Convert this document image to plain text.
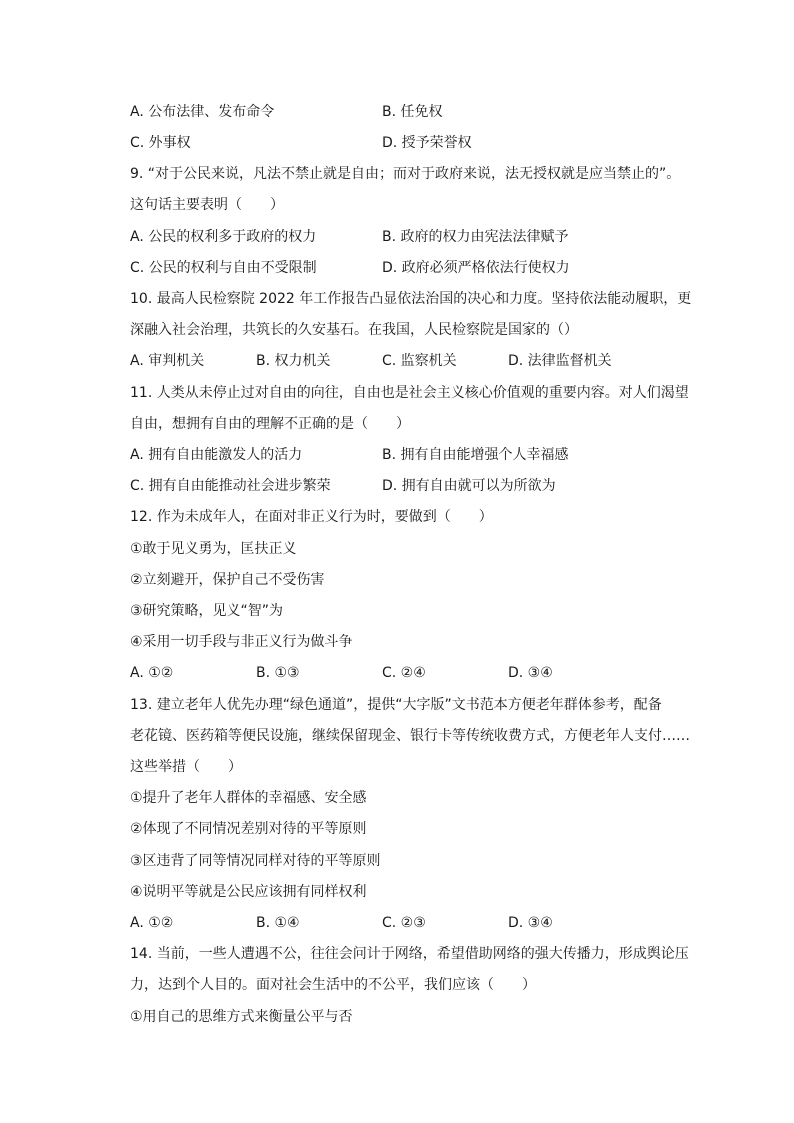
A. 公布法律、发布命令	B. 任免权
C. 外事权	D. 授予荣誉权
9. “对于公民来说，凡法不禁止就是自由；而对于政府来说，法无授权就是应当禁止的”。
这句话主要表明（　　）
A. 公民的权利多于政府的权力	B. 政府的权力由宪法法律赋予
C. 公民的权利与自由不受限制	D. 政府必须严格依法行使权力
10. 最高人民检察院 2022 年工作报告凸显依法治国的决心和力度。坚持依法能动履职，更
深融入社会治理，共筑长的久安基石。在我国，人民检察院是国家的（）
A. 审判机关	B. 权力机关	C. 监察机关	D. 法律监督机关
11. 人类从未停止过对自由的向往，自由也是社会主义核心价值观的重要内容。对人们渴望
自由，想拥有自由的理解不正确的是（　　）
A. 拥有自由能激发人的活力	B. 拥有自由能增强个人幸福感
C. 拥有自由能推动社会进步繁荣	D. 拥有自由就可以为所欲为
12. 作为未成年人，在面对非正义行为时，要做到（　　）
①敢于见义勇为，匡扶正义
②立刻避开，保护自己不受伤害
③研究策略，见义“智”为
④采用一切手段与非正义行为做斗争
A. ①②	B. ①③	C. ②④	D. ③④
13. 建立老年人优先办理“绿色通道”，提供“大字版”文书范本方便老年群体参考，配备
老花镜、医药箱等便民设施，继续保留现金、银行卡等传统收费方式，方便老年人支付……
这些举措（　　）
①提升了老年人群体的幸福感、安全感
②体现了不同情况差别对待的平等原则
③区违背了同等情况同样对待的平等原则
④说明平等就是公民应该拥有同样权利
A. ①②	B. ①④	C. ②③	D. ③④
14. 当前，一些人遭遇不公，往往会问计于网络，希望借助网络的强大传播力，形成舆论压
力，达到个人目的。面对社会生活中的不公平，我们应该（　　）
①用自己的思维方式来衡量公平与否
